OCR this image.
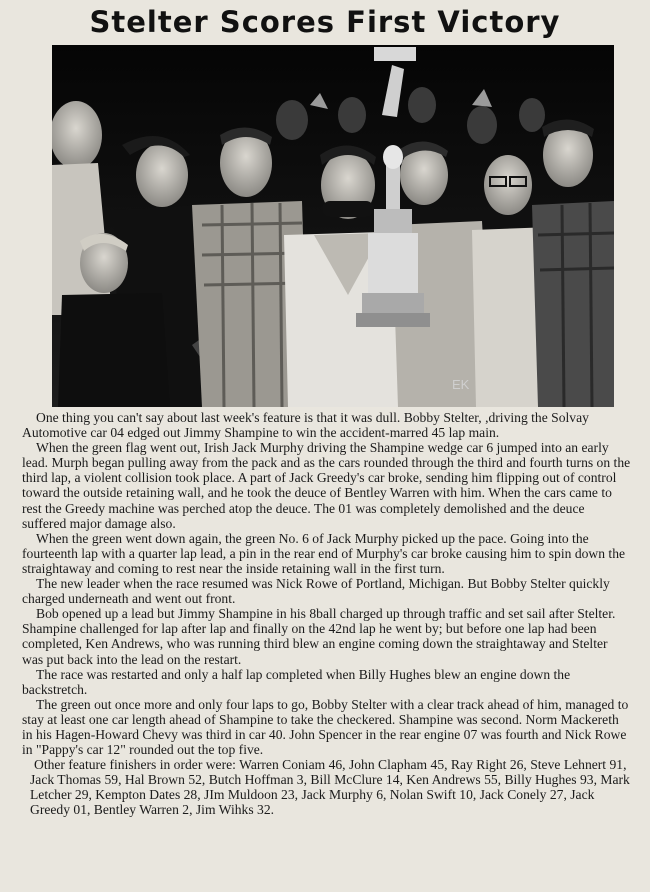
Stelter Scores First Victory
EK

One thing you can't say about last week's feature is that it was dull. Bobby Stelter, ,driving the Solvay Automotive car 04 edged out Jimmy Shampine to win the accident-marred 45 lap main.

When the green flag went out, Irish Jack Murphy driving the Shampine wedge car 6 jumped into an early lead. Murph began pulling away from the pack and as the cars rounded through the third and fourth turns on the third lap, a violent collision took place. A part of Jack Greedy's car broke, sending him flipping out of control toward the outside retaining wall, and he took the deuce of Bentley Warren with him. When the cars came to rest the Greedy machine was perched atop the deuce. The 01 was completely demolished and the deuce suffered major damage also.

When the green went down again, the green No. 6 of Jack Murphy picked up the pace. Going into the fourteenth lap with a quarter lap lead, a pin in the rear end of Murphy's car broke causing him to spin down the straightaway and coming to rest near the inside retaining wall in the first turn.

The new leader when the race resumed was Nick Rowe of Portland, Michigan. But Bobby Stelter quickly charged underneath and went out front.

Bob opened up a lead but Jimmy Shampine in his 8ball charged up through traffic and set sail after Stelter. Shampine challenged for lap after lap and finally on the 42nd lap he went by; but before one lap had been completed, Ken Andrews, who was running third blew an engine coming down the straightaway and Stelter was put back into the lead on the restart.

The race was restarted and only a half lap completed when Billy Hughes blew an engine down the backstretch.

The green out once more and only four laps to go, Bobby Stelter with a clear track ahead of him, managed to stay at least one car length ahead of Shampine to take the checkered. Shampine was second. Norm Mackereth in his Hagen-Howard Chevy was third in car 40. John Spencer in the rear engine 07 was fourth and Nick Rowe in "Pappy's car 12" rounded out the top five.

Other feature finishers in order were: Warren Coniam 46, John Clapham 45, Ray Right 26, Steve Lehnert 91, Jack Thomas 59, Hal Brown 52, Butch Hoffman 3, Bill McClure 14, Ken Andrews 55, Billy Hughes 93, Mark Letcher 29, Kempton Dates 28, JIm Muldoon 23, Jack Murphy 6, Nolan Swift 10, Jack Conely 27, Jack Greedy 01, Bentley Warren 2, Jim Wihks 32.
